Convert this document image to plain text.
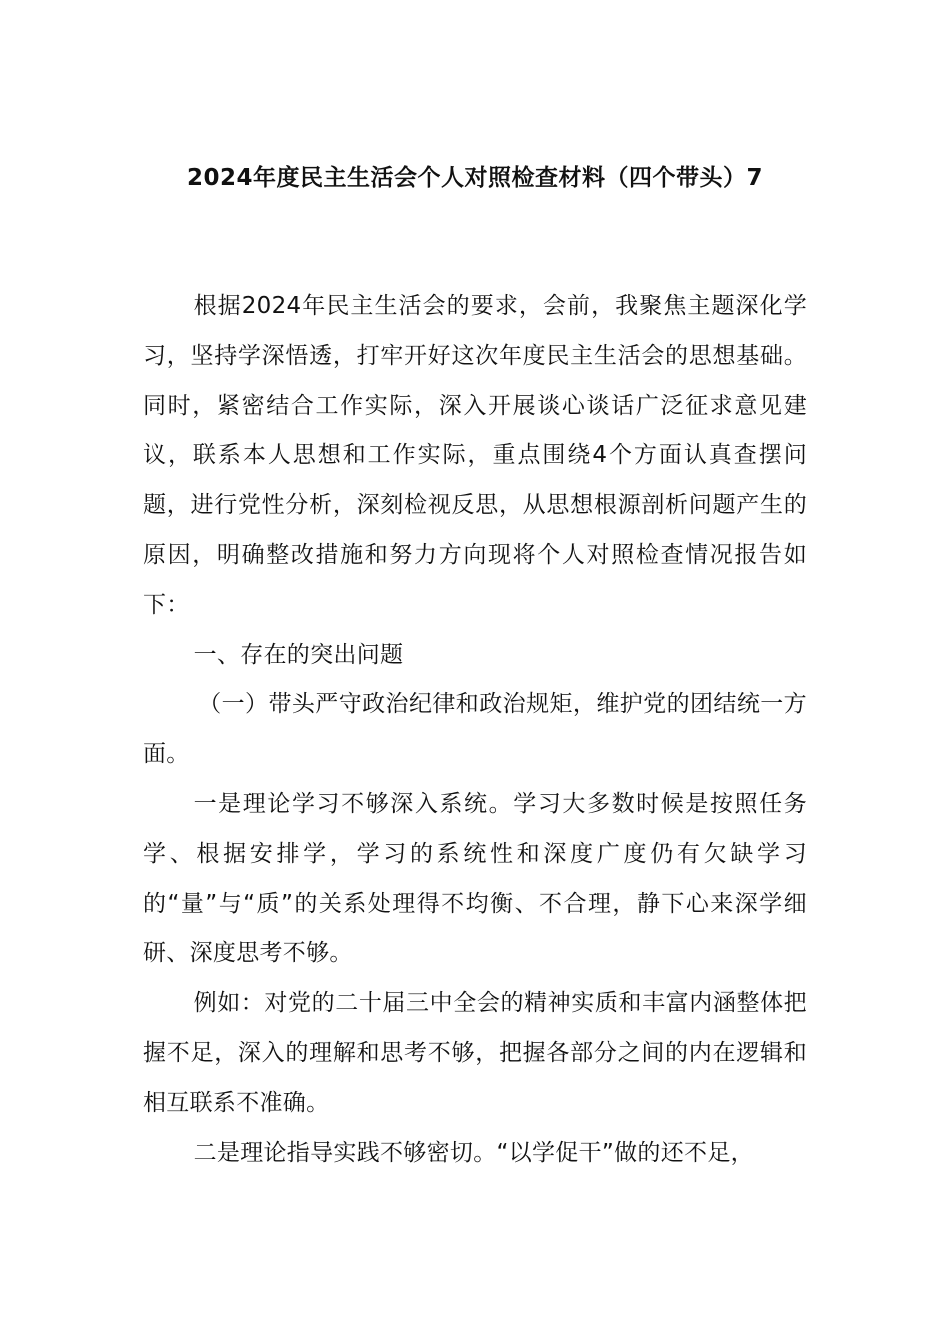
2024年度民主生活会个人对照检查材料（四个带头）7

根据2024年民主生活会的要求，会前，我聚焦主题深化学习，坚持学深悟透，打牢开好这次年度民主生活会的思想基础。同时，紧密结合工作实际，深入开展谈心谈话广泛征求意见建议，联系本人思想和工作实际，重点围绕4个方面认真查摆问题，进行党性分析，深刻检视反思，从思想根源剖析问题产生的原因，明确整改措施和努力方向现将个人对照检查情况报告如下：

一、存在的突出问题

（一）带头严守政治纪律和政治规矩，维护党的团结统一方面。

一是理论学习不够深入系统。学习大多数时候是按照任务学、根据安排学，学习的系统性和深度广度仍有欠缺学习的“量”与“质”的关系处理得不均衡、不合理，静下心来深学细研、深度思考不够。

例如：对党的二十届三中全会的精神实质和丰富内涵整体把握不足，深入的理解和思考不够，把握各部分之间的内在逻辑和相互联系不准确。

二是理论指导实践不够密切。“以学促干”做的还不足，
